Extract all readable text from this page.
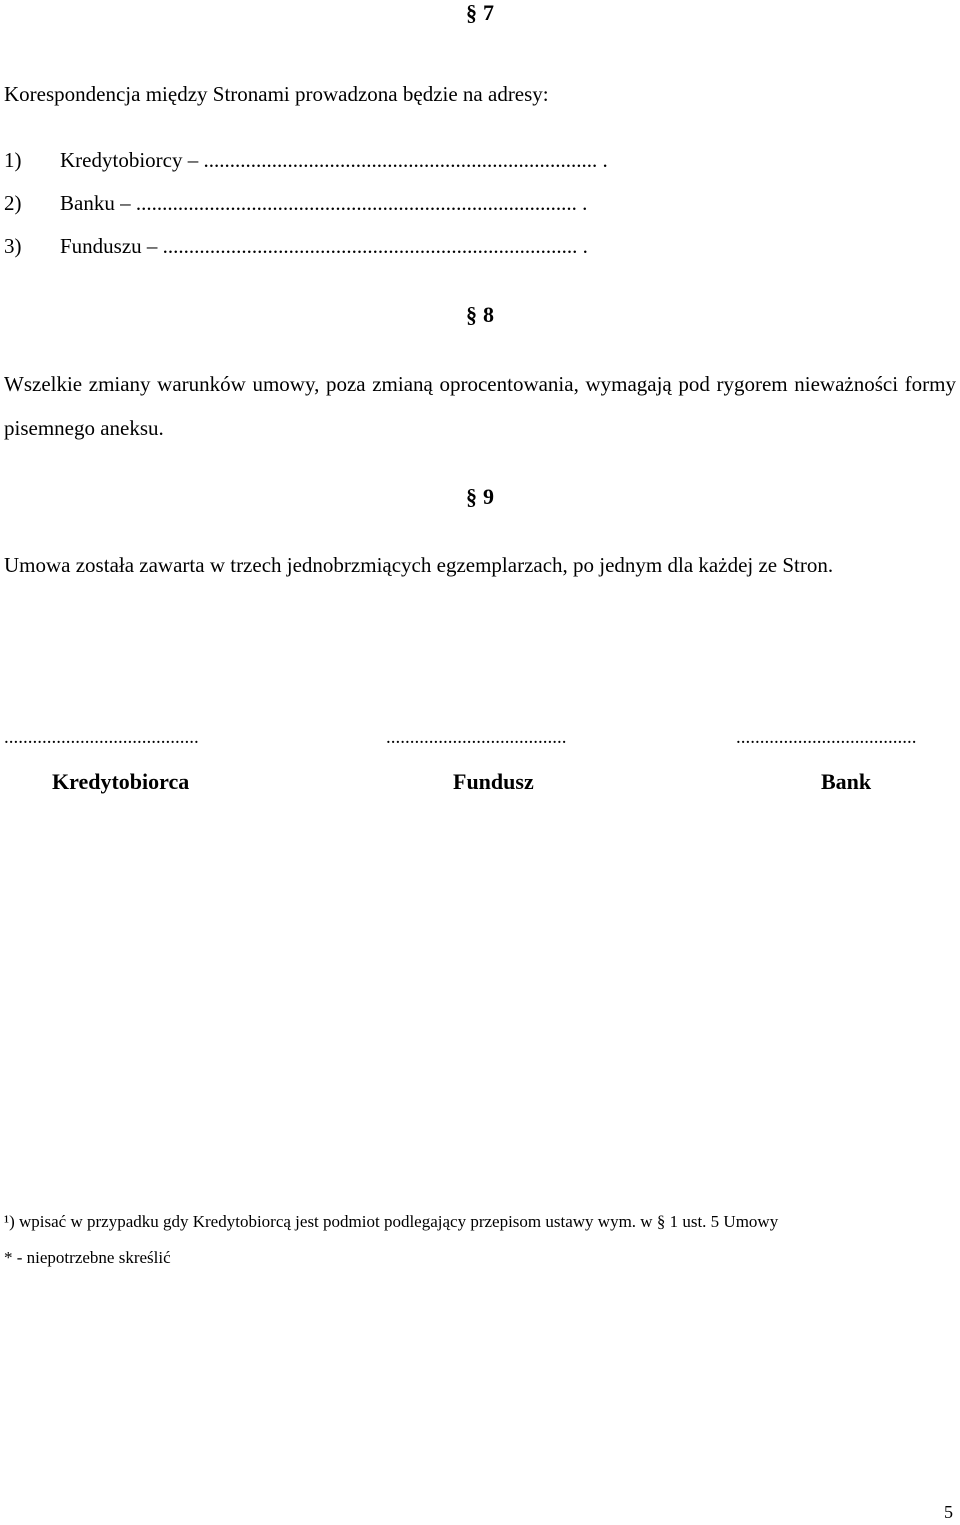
§ 7
Korespondencja między Stronami prowadzona będzie na adresy:
1) Kredytobiorcy – ........................................................................... .
2) Banku – .................................................................................... .
3) Funduszu – ............................................................................... .
§ 8
Wszelkie zmiany warunków umowy, poza zmianą oprocentowania, wymagają pod rygorem nieważności formy pisemnego aneksu.
§ 9
Umowa została zawarta w trzech jednobrzmiących egzemplarzach, po jednym dla każdej ze Stron.
.........................................	......................................	......................................
Kredytobiorca	Fundusz	Bank
¹) wpisać w przypadku gdy Kredytobiorcą jest podmiot podlegający przepisom ustawy wym. w § 1 ust. 5 Umowy
* - niepotrzebne skreślić
5
